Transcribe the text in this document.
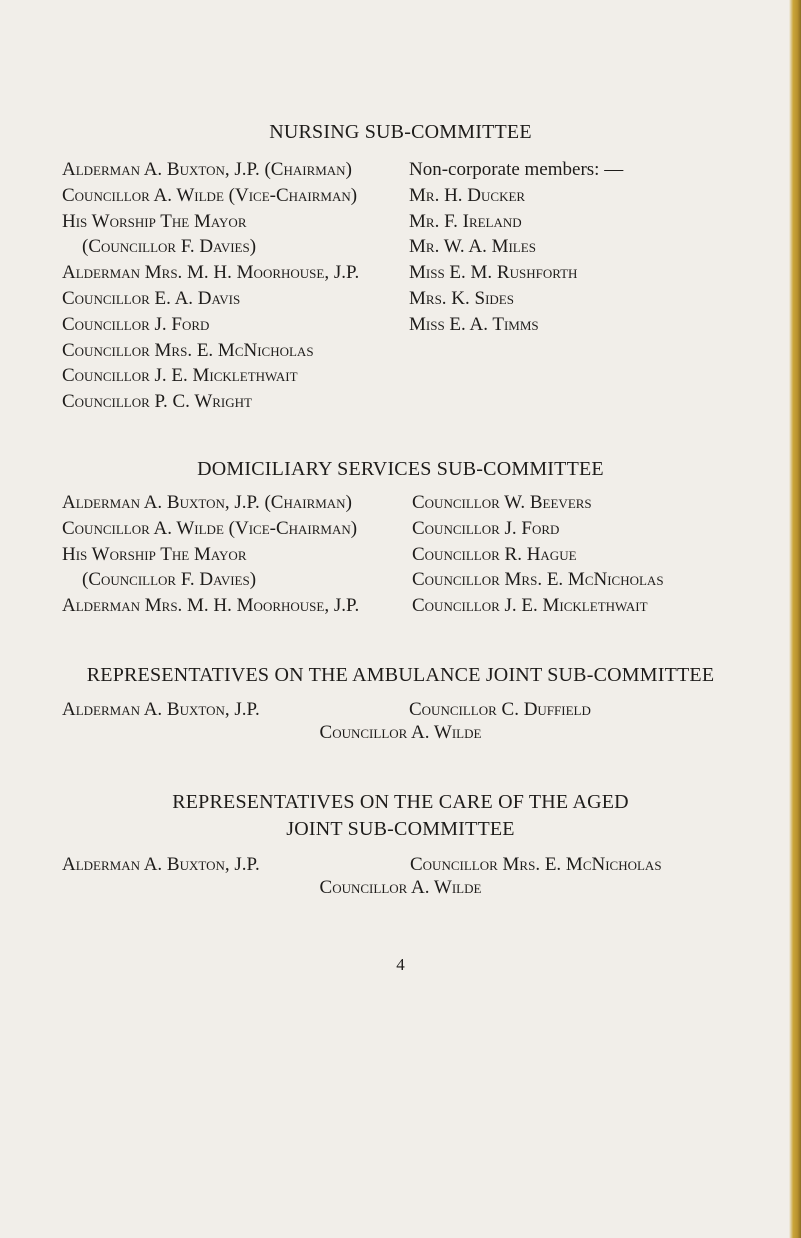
NURSING SUB-COMMITTEE
Alderman A. Buxton, J.P. (Chairman)
Councillor A. Wilde (Vice-Chairman)
His Worship The Mayor
(Councillor F. Davies)
Alderman Mrs. M. H. Moorhouse, J.P.
Councillor E. A. Davis
Councillor J. Ford
Councillor Mrs. E. McNicholas
Councillor J. E. Micklethwait
Councillor P. C. Wright
Non-corporate members: —
Mr. H. Ducker
Mr. F. Ireland
Mr. W. A. Miles
Miss E. M. Rushforth
Mrs. K. Sides
Miss E. A. Timms
DOMICILIARY SERVICES SUB-COMMITTEE
Alderman A. Buxton, J.P. (Chairman)
Councillor A. Wilde (Vice-Chairman)
His Worship The Mayor
(Councillor F. Davies)
Alderman Mrs. M. H. Moorhouse, J.P.
Councillor W. Beevers
Councillor J. Ford
Councillor R. Hague
Councillor Mrs. E. McNicholas
Councillor J. E. Micklethwait
REPRESENTATIVES ON THE AMBULANCE JOINT SUB-COMMITTEE
Alderman A. Buxton, J.P.	Councillor C. Duffield
Councillor A. Wilde
REPRESENTATIVES ON THE CARE OF THE AGED
JOINT SUB-COMMITTEE
Alderman A. Buxton, J.P.	Councillor Mrs. E. McNicholas
Councillor A. Wilde
4
